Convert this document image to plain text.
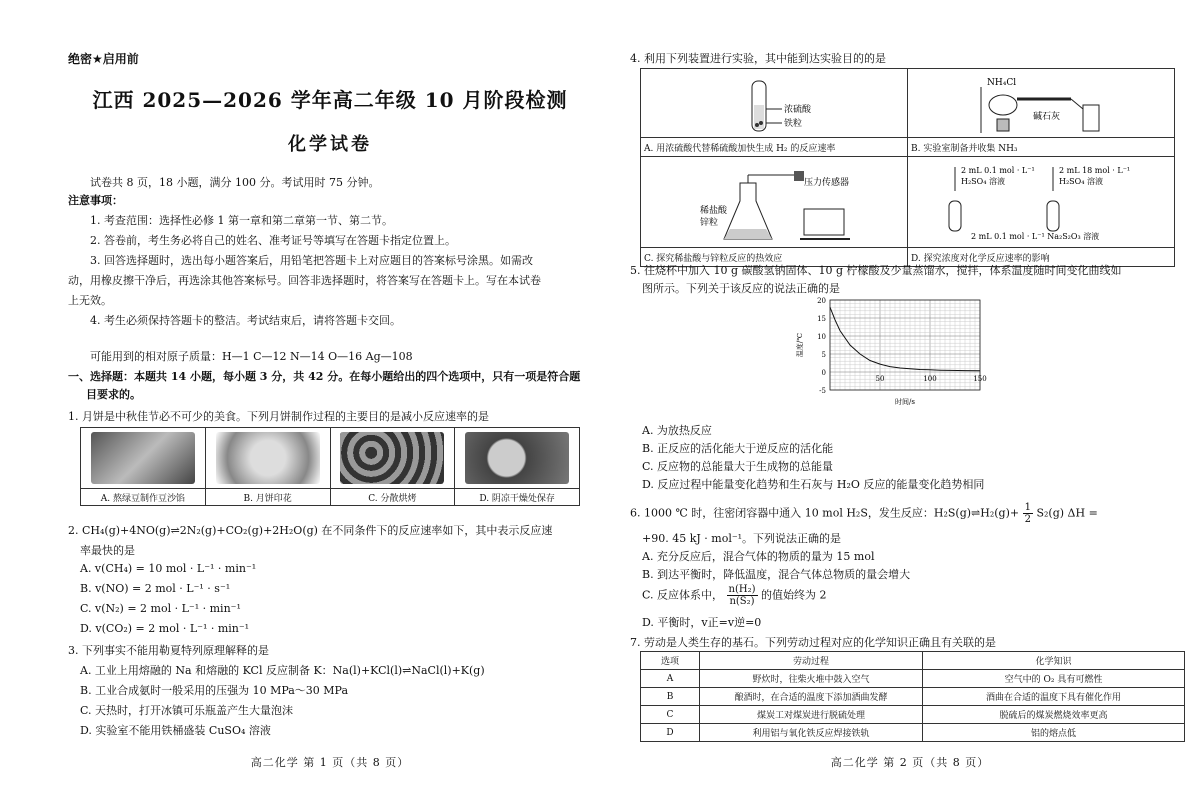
绝密★启用前
江西 2025—2026 学年高二年级 10 月阶段检测
化学试卷
试卷共 8 页，18 小题，满分 100 分。考试用时 75 分钟。
注意事项：
1. 考查范围：选择性必修 1 第一章和第二章第一节、第二节。
2. 答卷前，考生务必将自己的姓名、准考证号等填写在答题卡指定位置上。
3. 回答选择题时，选出每小题答案后，用铅笔把答题卡上对应题目的答案标号涂黑。如需改
动，用橡皮擦干净后，再选涂其他答案标号。回答非选择题时，将答案写在答题卡上。写在本试卷
上无效。
4. 考生必须保持答题卡的整洁。考试结束后，请将答题卡交回。
可能用到的相对原子质量：H—1 C—12 N—14 O—16 Ag—108
一、选择题：本题共 14 小题，每小题 3 分，共 42 分。在每小题给出的四个选项中，只有一项是符合题
目要求的。
1. 月饼是中秋佳节必不可少的美食。下列月饼制作过程的主要目的是减小反应速率的是

A. 熬绿豆制作豆沙馅	B. 月饼印花	C. 分散烘烤	D. 阴凉干燥处保存
2. CH₄(g)+4NO(g)⇌2N₂(g)+CO₂(g)+2H₂O(g) 在不同条件下的反应速率如下，其中表示反应速
率最快的是
A. v(CH₄) = 10 mol · L⁻¹ · min⁻¹
B. v(NO) = 2 mol · L⁻¹ · s⁻¹
C. v(N₂) = 2 mol · L⁻¹ · min⁻¹
D. v(CO₂) = 2 mol · L⁻¹ · min⁻¹
3. 下列事实不能用勒夏特列原理解释的是
A. 工业上用熔融的 Na 和熔融的 KCl 反应制备 K：Na(l)+KCl(l)⇌NaCl(l)+K(g)
B. 工业合成氨时一般采用的压强为 10 MPa～30 MPa
C. 天热时，打开冰镇可乐瓶盖产生大量泡沫
D. 实验室不能用铁桶盛装 CuSO₄ 溶液
高二化学 第 1 页（共 8 页）
4. 利用下列装置进行实验，其中能到达实验目的的是
浓硫酸
铁粒	NH₄Cl
碱石灰

A. 用浓硫酸代替稀硫酸加快生成 H₂ 的反应速率	B. 实验室制备并收集 NH₃

压力传感器
稀盐酸
锌粒	2 mL 0.1 mol · L⁻¹
H₂SO₄ 溶液
2 mL 18 mol · L⁻¹
H₂SO₄ 溶液
2 mL 0.1 mol · L⁻¹ Na₂S₂O₃ 溶液

C. 探究稀盐酸与锌粒反应的热效应	D. 探究浓度对化学反应速率的影响
5. 往烧杯中加入 10 g 碳酸氢钠固体、10 g 柠檬酸及少量蒸馏水，搅拌，体系温度随时间变化曲线如
图所示。下列关于该反应的说法正确的是
20
15
10
5
0
-5
50	100	150
时间/s
温度/℃
A. 为放热反应
B. 正反应的活化能大于逆反应的活化能
C. 反应物的总能量大于生成物的总能量
D. 反应过程中能量变化趋势和生石灰与 H₂O 反应的能量变化趋势相同
6. 1000 ℃ 时，往密闭容器中通入 10 mol H₂S，发生反应：H₂S(g)⇌H₂(g)+ $\frac{1}{2} S_2(g) \Delta H$ =
+90. 45 kJ · mol⁻¹。下列说法正确的是
A. 充分反应后，混合气体的物质的量为 15 mol
B. 到达平衡时，降低温度，混合气体总物质的量会增大
C. 反应体系中， $\frac{\text{n(H₂)}}{\text{n(S₂)}}$ 的值始终为 2
D. 平衡时，v正=v逆=0
7. 劳动是人类生存的基石。下列劳动过程对应的化学知识正确且有关联的是
选项	劳动过程	化学知识
A	野炊时，往柴火堆中鼓入空气	空气中的 O₂ 具有可燃性
B	酿酒时，在合适的温度下添加酒曲发酵	酒曲在合适的温度下具有催化作用
C	煤炭工对煤炭进行脱硫处理	脱硫后的煤炭燃烧效率更高
D	利用铝与氧化铁反应焊接铁轨	铝的熔点低
高二化学 第 2 页（共 8 页）
